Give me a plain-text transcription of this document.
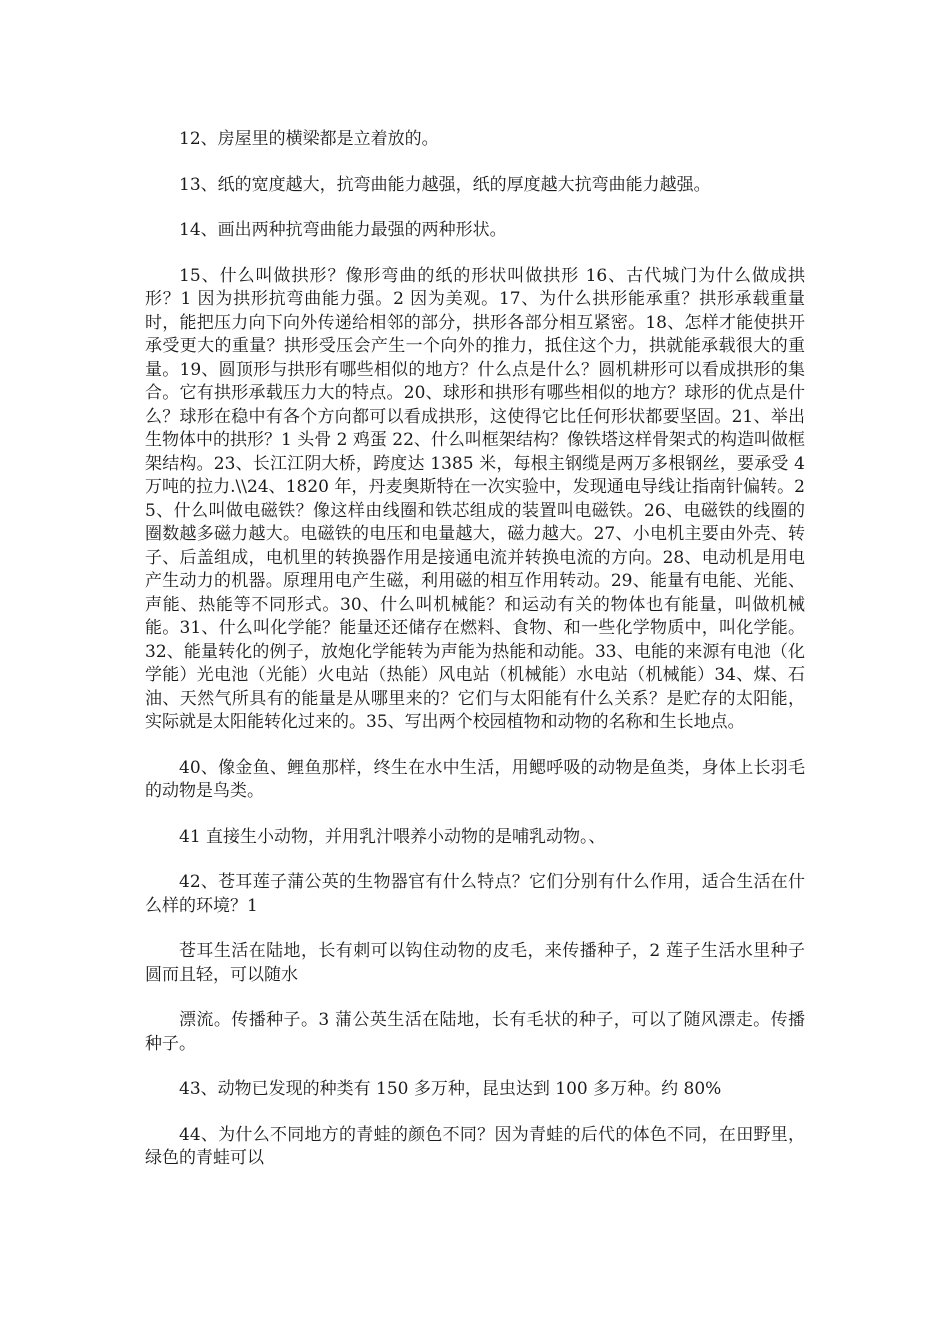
12、房屋里的横梁都是立着放的。

13、纸的宽度越大，抗弯曲能力越强，纸的厚度越大抗弯曲能力越强。

14、画出两种抗弯曲能力最强的两种形状。

15、什么叫做拱形？像形弯曲的纸的形状叫做拱形 16、古代城门为什么做成拱形？1 因为拱形抗弯曲能力强。2 因为美观。17、为什么拱形能承重？拱形承载重量时，能把压力向下向外传递给相邻的部分，拱形各部分相互紧密。18、怎样才能使拱开承受更大的重量？拱形受压会产生一个向外的推力，抵住这个力，拱就能承载很大的重量。19、圆顶形与拱形有哪些相似的地方？什么点是什么？圆机耕形可以看成拱形的集合。它有拱形承载压力大的特点。20、球形和拱形有哪些相似的地方？球形的优点是什么？球形在稳中有各个方向都可以看成拱形，这使得它比任何形状都要坚固。21、举出生物体中的拱形？1 头骨 2 鸡蛋 22、什么叫框架结构？像铁塔这样骨架式的构造叫做框架结构。23、长江江阴大桥，跨度达 1385 米，每根主钢缆是两万多根钢丝，要承受 4 万吨的拉力.\\24、1820 年，丹麦奥斯特在一次实验中，发现通电导线让指南针偏转。25、什么叫做电磁铁？像这样由线圈和铁芯组成的装置叫电磁铁。26、电磁铁的线圈的圈数越多磁力越大。电磁铁的电压和电量越大，磁力越大。27、小电机主要由外壳、转子、后盖组成，电机里的转换器作用是接通电流并转换电流的方向。28、电动机是用电产生动力的机器。原理用电产生磁，利用磁的相互作用转动。29、能量有电能、光能、声能、热能等不同形式。30、什么叫机械能？和运动有关的物体也有能量，叫做机械能。31、什么叫化学能？能量还还储存在燃料、食物、和一些化学物质中，叫化学能。32、能量转化的例子，放炮化学能转为声能为热能和动能。33、电能的来源有电池（化学能）光电池（光能）火电站（热能）风电站（机械能）水电站（机械能）34、煤、石油、天然气所具有的能量是从哪里来的？它们与太阳能有什么关系？是贮存的太阳能，实际就是太阳能转化过来的。35、写出两个校园植物和动物的名称和生长地点。

40、像金鱼、鲤鱼那样，终生在水中生活，用鳃呼吸的动物是鱼类，身体上长羽毛的动物是鸟类。

41 直接生小动物，并用乳汁喂养小动物的是哺乳动物。、

42、苍耳莲子蒲公英的生物器官有什么特点？它们分别有什么作用，适合生活在什么样的环境？1

苍耳生活在陆地，长有刺可以钩住动物的皮毛，来传播种子，2 莲子生活水里种子圆而且轻，可以随水

漂流。传播种子。3 蒲公英生活在陆地，长有毛状的种子，可以了随风漂走。传播种子。

43、动物已发现的种类有 150 多万种，昆虫达到 100 多万种。约 80%

44、为什么不同地方的青蛙的颜色不同？因为青蛙的后代的体色不同，在田野里，绿色的青蛙可以
